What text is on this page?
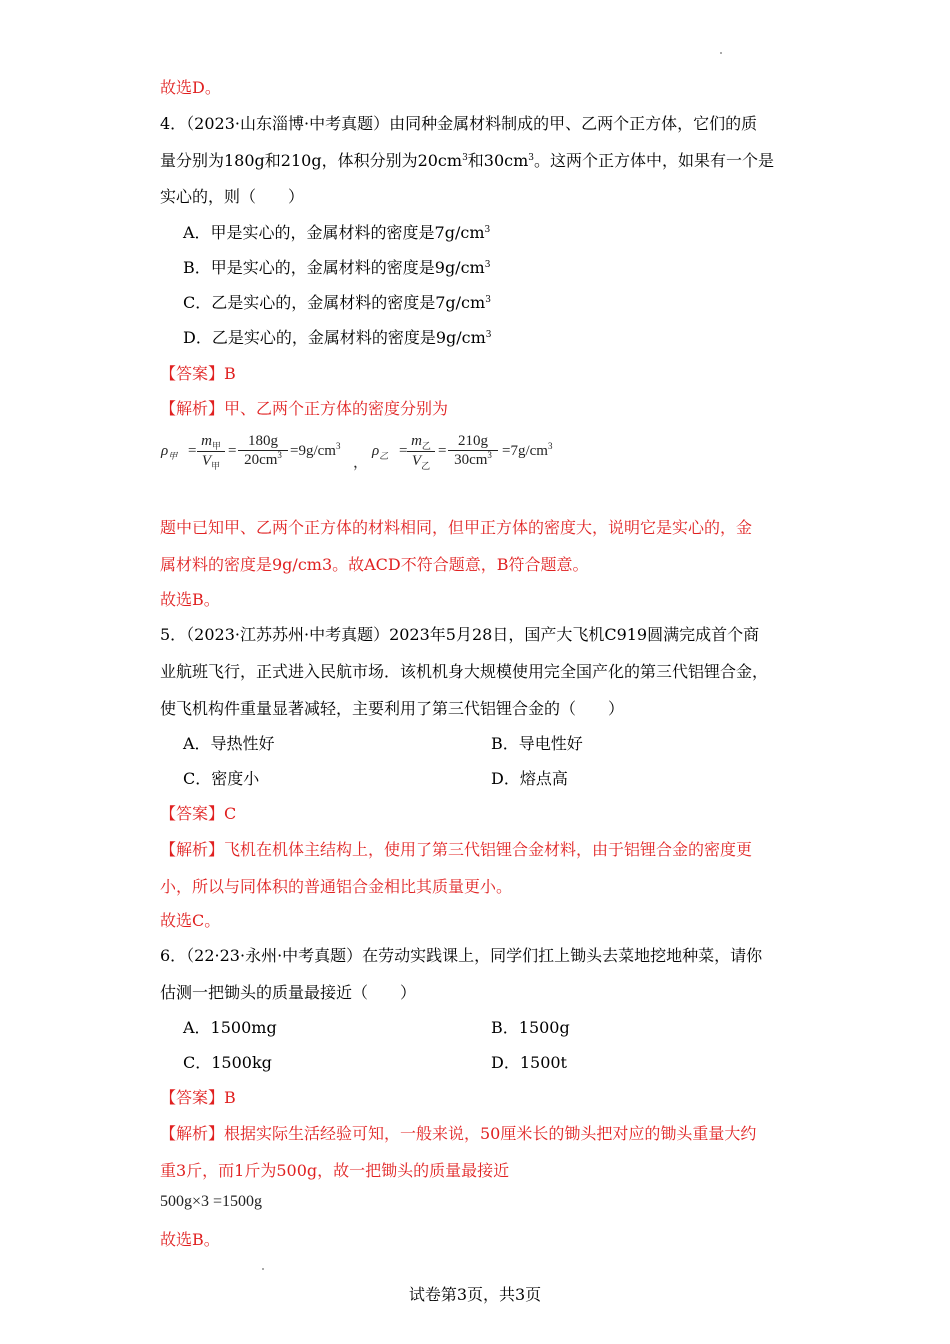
故选D。
4．（2023·山东淄博·中考真题）由同种金属材料制成的甲、乙两个正方体，它们的质
量分别为180g和210g，体积分别为$20cm^3$和$30cm^3$。这两个正方体中，如果有一个是
实心的，则（　　）
A．甲是实心的，金属材料的密度是$7g/cm^3$
B．甲是实心的，金属材料的密度是$9g/cm^3$
C．乙是实心的，金属材料的密度是$7g/cm^3$
D．乙是实心的，金属材料的密度是$9g/cm^3$
【答案】B
【解析】甲、乙两个正方体的密度分别为
$\rho_甲$ =
$m_甲$
$V_甲$
= $\frac{180g}{20cm^3} =9g/cm^3$
，
$\rho_乙$ =
$m_乙$
$V_乙$
= $\frac{210g}{30cm^3} =7g/cm^3$
题中已知甲、乙两个正方体的材料相同，但甲正方体的密度大，说明它是实心的，金
属材料的密度是9g/cm3。故ACD不符合题意，B符合题意。
故选B。
5．（2023·江苏苏州·中考真题）2023年5月28日，国产大飞机C919圆满完成首个商
业航班飞行，正式进入民航市场．该机机身大规模使用完全国产化的第三代铝锂合金，
使飞机构件重量显著减轻，主要利用了第三代铝锂合金的（　　）
A．导热性好	B．导电性好
C．密度小	D．熔点高
【答案】C
【解析】飞机在机体主结构上，使用了第三代铝锂合金材料，由于铝锂合金的密度更
小，所以与同体积的普通铝合金相比其质量更小。
故选C。
6．（22·23·永州·中考真题）在劳动实践课上，同学们扛上锄头去菜地挖地种菜，请你
估测一把锄头的质量最接近（　　）
A．1500mg	B．1500g
C．1500kg	D．1500t
【答案】B
【解析】根据实际生活经验可知，一般来说，50厘米长的锄头把对应的锄头重量大约
重3斤，而1斤为500g，故一把锄头的质量最接近
500g×3 =1500g
故选B。
试卷第3页，共3页
